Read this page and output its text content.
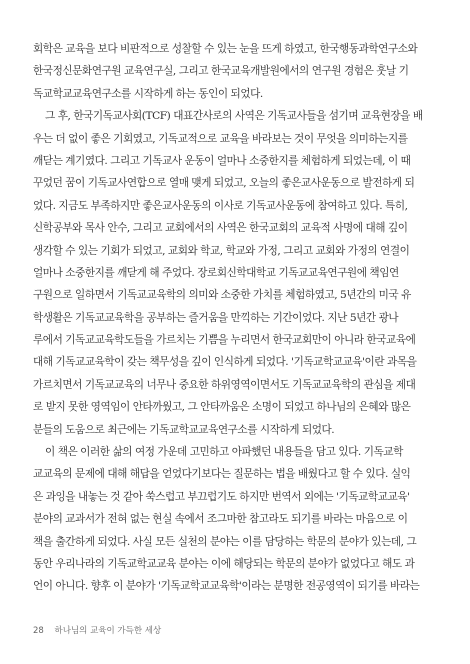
회학은 교육을 보다 비판적으로 성찰할 수 있는 눈을 뜨게 하였고, 한국행동과학연구소와
한국정신문화연구원 교육연구실, 그리고 한국교육개발원에서의 연구원 경험은 훗날 기
독교학교교육연구소를 시작하게 하는 동인이 되었다.
그 후, 한국기독교사회(TCF) 대표간사로의 사역은 기독교사들을 섬기며 교육현장을 배
우는 더 없이 좋은 기회였고, 기독교적으로 교육을 바라보는 것이 무엇을 의미하는지를
깨닫는 계기였다. 그리고 기독교사 운동이 얼마나 소중한지를 체험하게 되었는데, 이 때
꾸었던 꿈이 기독교사연합으로 열매 맺게 되었고, 오늘의 좋은교사운동으로 발전하게 되
었다. 지금도 부족하지만 좋은교사운동의 이사로 기독교사운동에 참여하고 있다. 특히,
신학공부와 목사 안수, 그리고 교회에서의 사역은 한국교회의 교육적 사명에 대해 깊이
생각할 수 있는 기회가 되었고, 교회와 학교, 학교와 가정, 그리고 교회와 가정의 연결이
얼마나 소중한지를 깨닫게 해 주었다. 장로회신학대학교 기독교교육연구원에 책임연
구원으로 일하면서 기독교교육학의 의미와 소중한 가치를 체험하였고, 5년간의 미국 유
학생활은 기독교교육학을 공부하는 즐거움을 만끽하는 기간이었다. 지난 5년간 광나
루에서 기독교교육학도들을 가르치는 기쁨을 누리면서 한국교회만이 아니라 한국교육에
대해 기독교교육학이 갖는 책무성을 깊이 인식하게 되었다. '기독교학교교육'이란 과목을
가르치면서 기독교교육의 너무나 중요한 하위영역이면서도 기독교교육학의 관심을 제대
로 받지 못한 영역임이 안타까웠고, 그 안타까움은 소명이 되었고 하나님의 은혜와 많은
분들의 도움으로 최근에는 기독교학교교육연구소를 시작하게 되었다.
이 책은 이러한 삶의 여정 가운데 고민하고 아파했던 내용들을 담고 있다. 기독교학
교교육의 문제에 대해 해답을 얻었다기보다는 질문하는 법을 배웠다고 할 수 있다. 실익
은 과잉을 내놓는 것 같아 쑥스럽고 부끄럽기도 하지만 번역서 외에는 '기독교학교교육'
분야의 교과서가 전혀 없는 현실 속에서 조그마한 참고라도 되기를 바라는 마음으로 이
책을 출간하게 되었다. 사실 모든 실천의 분야는 이를 담당하는 학문의 분야가 있는데, 그
동안 우리나라의 기독교학교교육 분야는 이에 해당되는 학문의 분야가 없었다고 해도 과
언이 아니다. 향후 이 분야가 '기독교학교교육학'이라는 분명한 전공영역이 되기를 바라는
28 하나님의 교육이 가득한 세상
